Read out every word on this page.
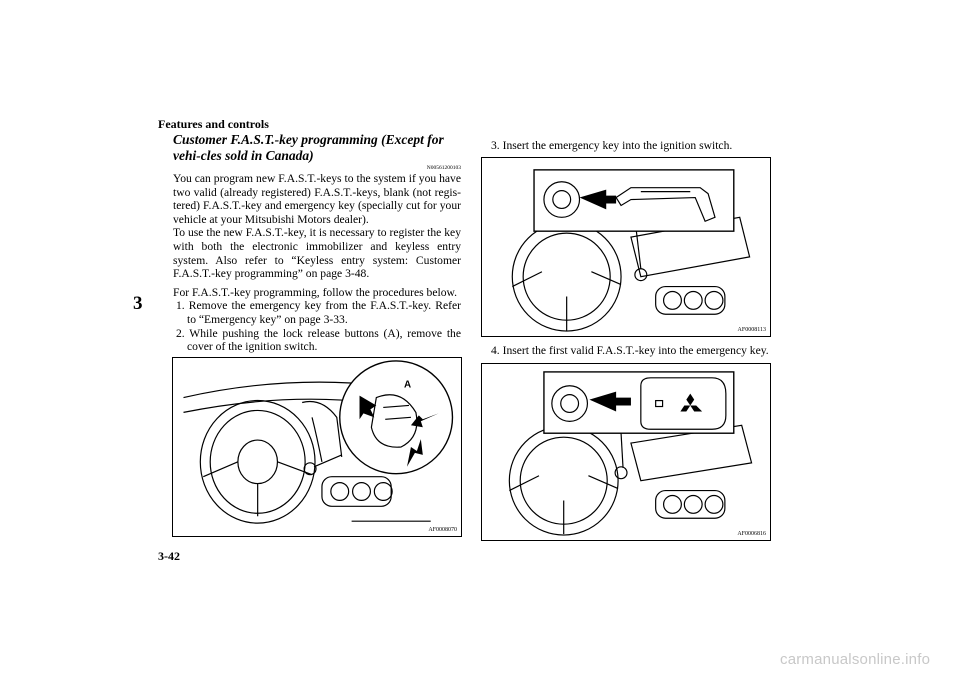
Features and controls
3
Customer F.A.S.T.-key programming (Except for vehi-cles sold in Canada)
N00561200103

You can program new F.A.S.T.-keys to the system if you have two valid (already registered) F.A.S.T.-keys, blank (not regis-tered) F.A.S.T.-key and emergency key (specially cut for your vehicle at your Mitsubishi Motors dealer).

To use the new F.A.S.T.-key, it is necessary to register the key with both the electronic immobilizer and keyless entry system. Also refer to “Keyless entry system: Customer F.A.S.T.-key programming” on page 3-48.

For F.A.S.T.-key programming, follow the procedures below.

1. Remove the emergency key from the F.A.S.T.-key. Refer to “Emergency key” on page 3-33.
2. While pushing the lock release buttons (A), remove the cover of the ignition switch.
A
AF0008070
3. Insert the emergency key into the ignition switch.
AF0008113
4. Insert the first valid F.A.S.T.-key into the emergency key.
AF0006816
3-42
carmanualsonline.info
